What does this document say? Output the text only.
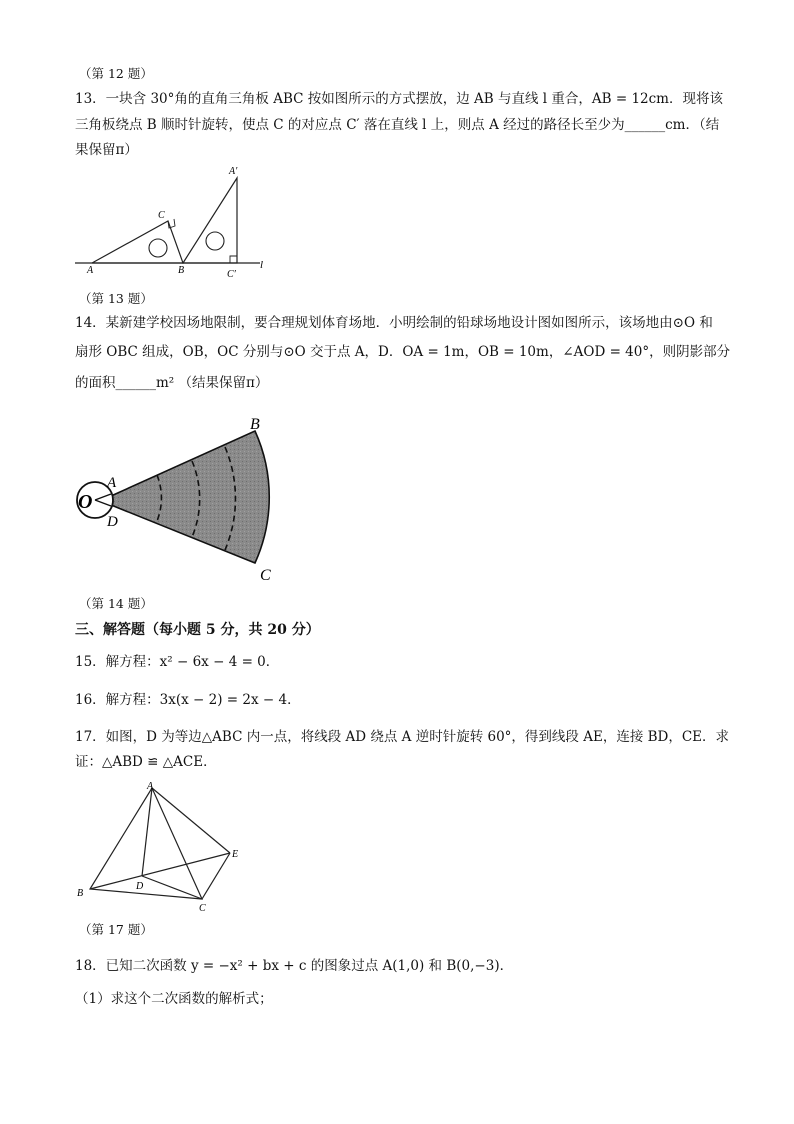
（第 12 题）
13．一块含 30°角的直角三角板 ABC 按如图所示的方式摆放，边 AB 与直线 l 重合，AB = 12cm．现将该
三角板绕点 B 顺时针旋转，使点 C 的对应点 C′ 落在直线 l 上，则点 A 经过的路径长至少为______cm．（结
果保留π）
A	B
C
A′
C′
l
（第 13 题）
14．某新建学校因场地限制，要合理规划体育场地．小明绘制的铅球场地设计图如图所示，该场地由⊙O 和
扇形 OBC 组成，OB，OC 分别与⊙O 交于点 A，D．OA = 1m，OB = 10m，∠AOD = 40°，则阴影部分
的面积______m² （结果保留π）
O
A
D
B
C
（第 14 题）
三、解答题（每小题 5 分，共 20 分）
15．解方程：x² − 6x − 4 = 0．
16．解方程：3x(x − 2) = 2x − 4．
17．如图，D 为等边△ABC 内一点，将线段 AD 绕点 A 逆时针旋转 60°，得到线段 AE，连接 BD，CE．求
证：△ABD ≌ △ACE．
A
B
C
D
E
（第 17 题）
18．已知二次函数 y = −x² + bx + c 的图象过点 A(1,0) 和 B(0,−3)．
（1）求这个二次函数的解析式；
